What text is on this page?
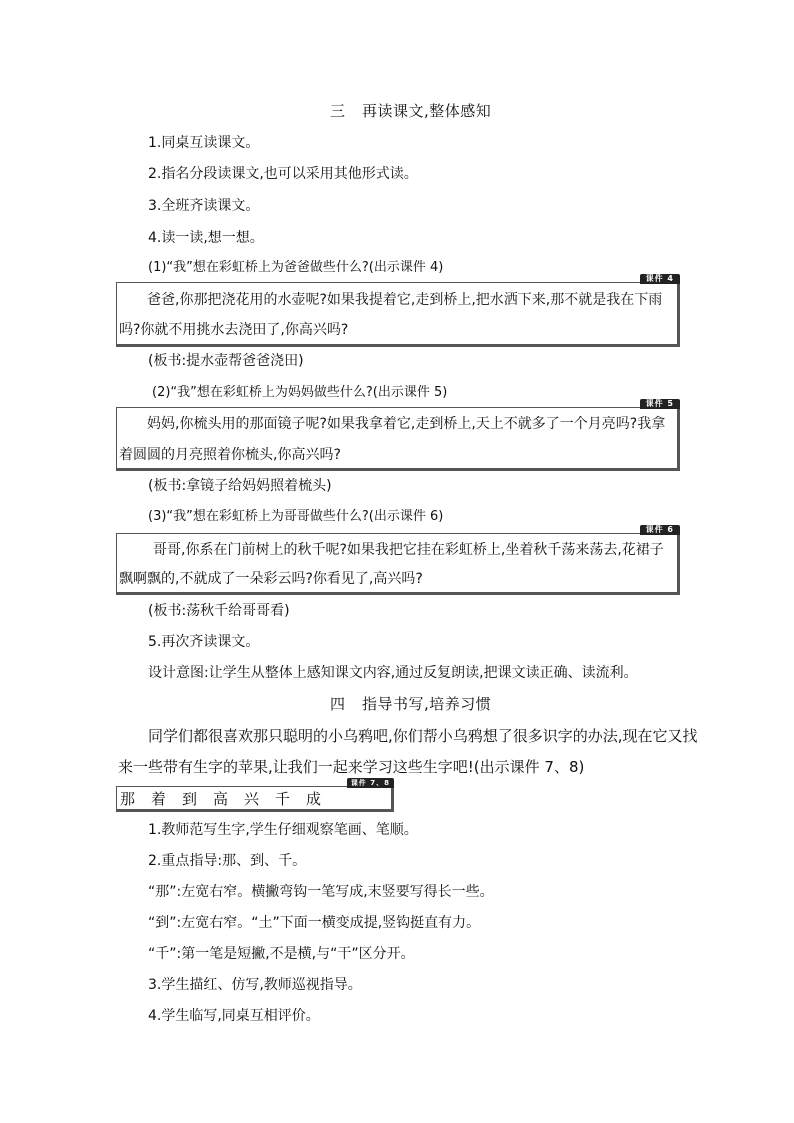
三 再读课文,整体感知
1.同桌互读课文。
2.指名分段读课文,也可以采用其他形式读。
3.全班齐读课文。
4.读一读,想一想。
(1)“我”想在彩虹桥上为爸爸做些什么?(出示课件 4)
课件 4
爸爸,你那把浇花用的水壶呢?如果我提着它,走到桥上,把水洒下来,那不就是我在下雨
吗?你就不用挑水去浇田了,你高兴吗?
(板书:提水壶帮爸爸浇田)
(2)“我”想在彩虹桥上为妈妈做些什么?(出示课件 5)
课件 5
妈妈,你梳头用的那面镜子呢?如果我拿着它,走到桥上,天上不就多了一个月亮吗?我拿
着圆圆的月亮照着你梳头,你高兴吗?
(板书:拿镜子给妈妈照着梳头)
(3)“我”想在彩虹桥上为哥哥做些什么?(出示课件 6)
课件 6
哥哥,你系在门前树上的秋千呢?如果我把它挂在彩虹桥上,坐着秋千荡来荡去,花裙子
飘啊飘的,不就成了一朵彩云吗?你看见了,高兴吗?
(板书:荡秋千给哥哥看)
5.再次齐读课文。
设计意图:让学生从整体上感知课文内容,通过反复朗读,把课文读正确、读流利。
四 指导书写,培养习惯
同学们都很喜欢那只聪明的小乌鸦吧,你们帮小乌鸦想了很多识字的办法,现在它又找
来一些带有生字的苹果,让我们一起来学习这些生字吧!(出示课件 7、8)
课件 7、8
那	着	到	高	兴	千	成
1.教师范写生字,学生仔细观察笔画、笔顺。
2.重点指导:那、到、千。
“那”:左宽右窄。横撇弯钩一笔写成,末竖要写得长一些。
“到”:左宽右窄。“土”下面一横变成提,竖钩挺直有力。
“千”:第一笔是短撇,不是横,与“干”区分开。
3.学生描红、仿写,教师巡视指导。
4.学生临写,同桌互相评价。
